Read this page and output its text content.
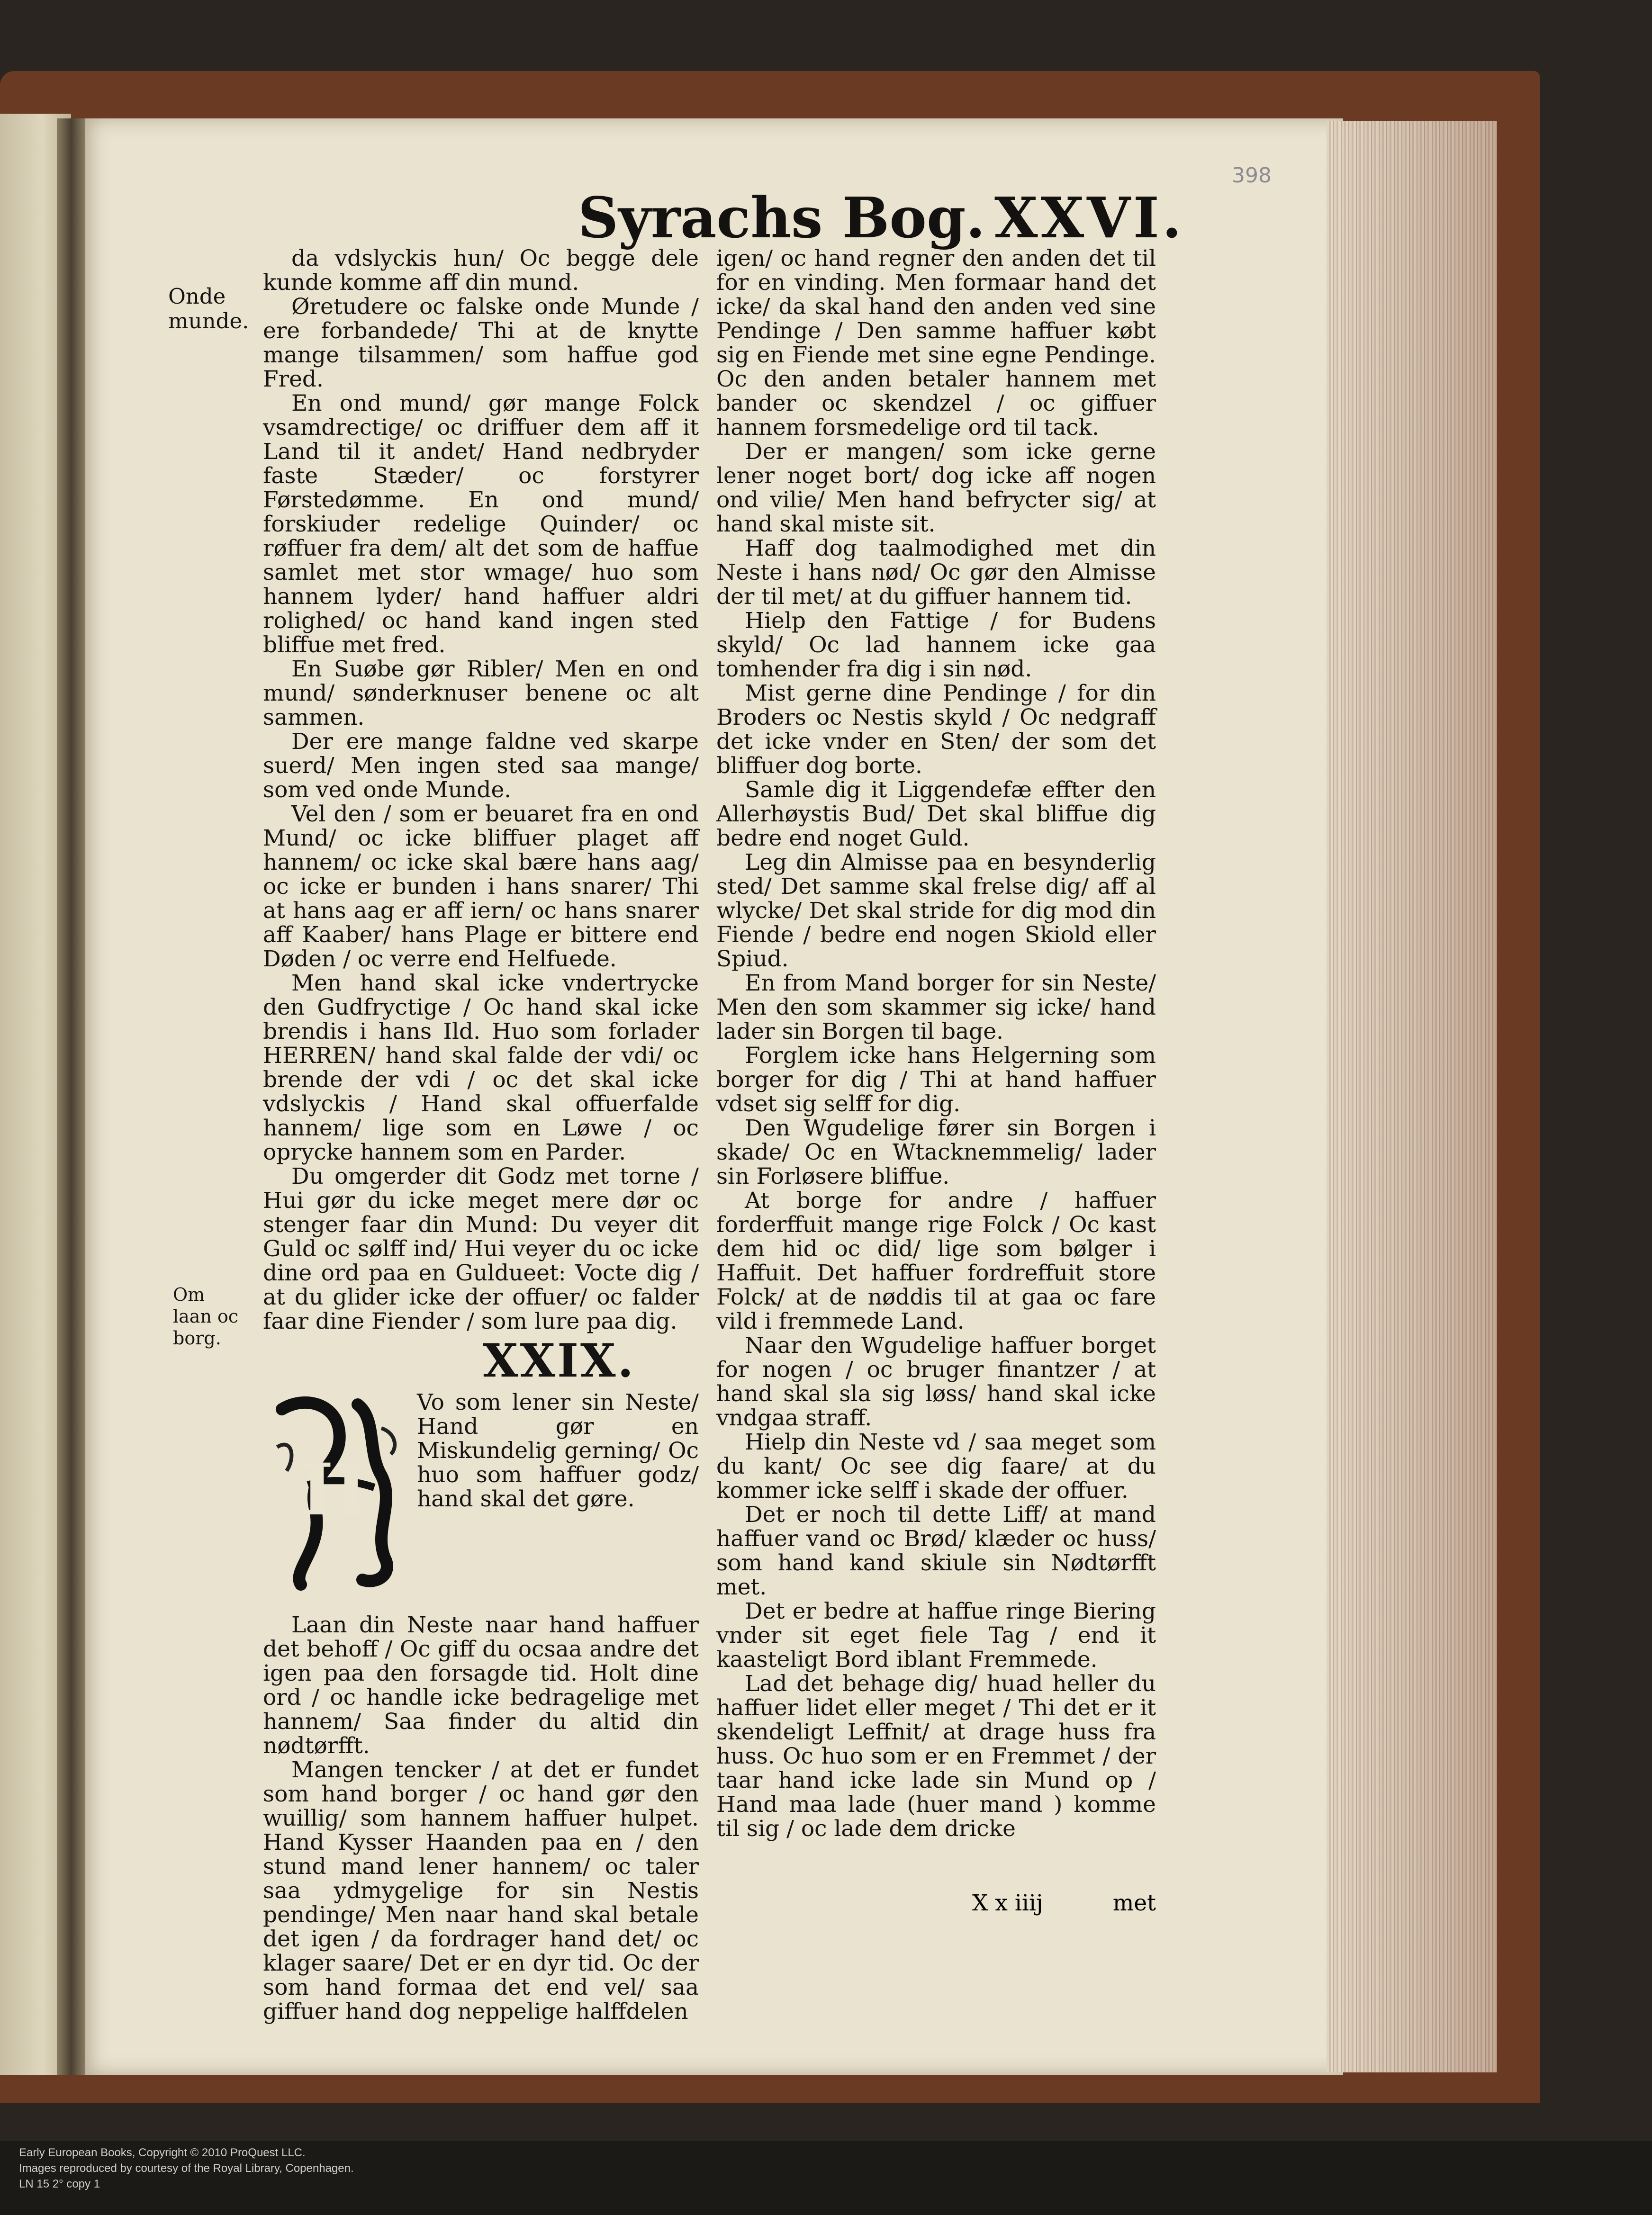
398
Syrachs Bog. XXVI.
Onde munde.
Om laan oc borg.

da vdslyckis hun/ Oc begge dele kunde komme aff din mund.

Øretudere oc falske onde Munde / ere forbandede/ Thi at de knytte mange tilsammen/ som haffue god Fred.

En ond mund/ gør mange Folck vsamdrectige/ oc driffuer dem aff it Land til it andet/ Hand nedbryder faste Stæder/ oc forstyrer Førstedømme. En ond mund/ forskiuder redelige Quinder/ oc røffuer fra dem/ alt det som de haffue samlet met stor wmage/ huo som hannem lyder/ hand haffuer aldri rolighed/ oc hand kand ingen sted bliffue met fred.

En Suøbe gør Ribler/ Men en ond mund/ sønderknuser benene oc alt sammen.

Der ere mange faldne ved skarpe suerd/ Men ingen sted saa mange/ som ved onde Munde.

Vel den / som er beuaret fra en ond Mund/ oc icke bliffuer plaget aff hannem/ oc icke skal bære hans aag/ oc icke er bunden i hans snarer/ Thi at hans aag er aff iern/ oc hans snarer aff Kaaber/ hans Plage er bittere end Døden / oc verre end Helfuede.

Men hand skal icke vndertrycke den Gudfryctige / Oc hand skal icke brendis i hans Ild. Huo som forlader HERREN/ hand skal falde der vdi/ oc brende der vdi / oc det skal icke vdslyckis / Hand skal offuerfalde hannem/ lige som en Løwe / oc oprycke hannem som en Parder.

Du omgerder dit Godz met torne / Hui gør du icke meget mere dør oc stenger faar din Mund: Du veyer dit Guld oc sølff ind/ Hui veyer du oc icke dine ord paa en Guldueet: Vocte dig / at du glider icke der offuer/ oc falder faar dine Fiender / som lure paa dig.

XXIX.
H
Vo som lener sin Neste/ Hand gør en Miskundelig gerning/ Oc huo som haffuer godz/ hand skal det gøre.

Laan din Neste naar hand haffuer det behoff / Oc giff du ocsaa andre det igen paa den forsagde tid. Holt dine ord / oc handle icke bedrageligе met hannem/ Saa finder du altid din nødtørfft.

Mangen tencker / at det er fundet som hand borger / oc hand gør den wuillig/ som hannem haffuer hulpet. Hand Kysser Haanden paa en / den stund mand lener hannem/ oc taler saa ydmygelige for sin Nestis pendinge/ Men naar hand skal betale det igen / da fordrager hand det/ oc klager saare/ Det er en dyr tid. Oc der som hand formaa det end vel/ saa giffuer hand dog neppelige halffdelen

igen/ oc hand regner den anden det til for en vinding. Men formaar hand det icke/ da skal hand den anden ved sine Pendinge / Den samme haffuer købt sig en Fiende met sine egne Pendinge. Oc den anden betaler hannem met bander oc skendzel / oc giffuer hannem forsmedelige ord til tack.

Der er mangen/ som icke gerne lener noget bort/ dog icke aff nogen ond vilie/ Men hand befrycter sig/ at hand skal miste sit.

Haff dog taalmodighed met din Neste i hans nød/ Oc gør den Almisse der til met/ at du giffuer hannem tid.

Hielp den Fattige / for Budens skyld/ Oc lad hannem icke gaa tomhender fra dig i sin nød.

Mist gerne dine Pendinge / for din Broders oc Nestis skyld / Oc nedgraff det icke vnder en Sten/ der som det bliffuer dog borte.

Samle dig it Liggendefæ effter den Allerhøystis Bud/ Det skal bliffue dig bedre end noget Guld.

Leg din Almisse paa en besynderlig sted/ Det samme skal frelse dig/ aff al wlycke/ Det skal stride for dig mod din Fiende / bedre end nogen Skiold eller Spiud.

En from Mand borger for sin Neste/ Men den som skammer sig icke/ hand lader sin Borgen til bage.

Forglem icke hans Helgerning som borger for dig / Thi at hand haffuer vdset sig selff for dig.

Den Wgudelige fører sin Borgen i skade/ Oc en Wtacknemmelig/ lader sin Forløsere bliffue.

At borge for andre / haffuer forderffuit mange rige Folck / Oc kast dem hid oc did/ lige som bølger i Haffuit. Det haffuer fordreffuit store Folck/ at de nøddis til at gaa oc fare vild i fremmede Land.

Naar den Wgudelige haffuer borget for nogen / oc bruger finantzer / at hand skal sla sig løss/ hand skal icke vndgaa straff.

Hielp din Neste vd / saa meget som du kant/ Oc see dig faare/ at du kommer icke selff i skade der offuer.

Det er noch til dette Liff/ at mand haffuer vand oc Brød/ klæder oc huss/ som hand kand skiule sin Nødtørfft met.

Det er bedre at haffue ringe Biering vnder sit eget fiele Tag / end it kaasteligt Bord iblant Fremmede.

Lad det behage dig/ huad heller du haffuer lidet eller meget / Thi det er it skendeligt Leffnit/ at drage huss fra huss. Oc huo som er en Fremmet / der taar hand icke lade sin Mund op / Hand maa lade (huer mand ) komme til sig / oc lade dem dricke

X x iiij	met
Early European Books, Copyright © 2010 ProQuest LLC.
Images reproduced by courtesy of the Royal Library, Copenhagen.
LN 15 2° copy 1
